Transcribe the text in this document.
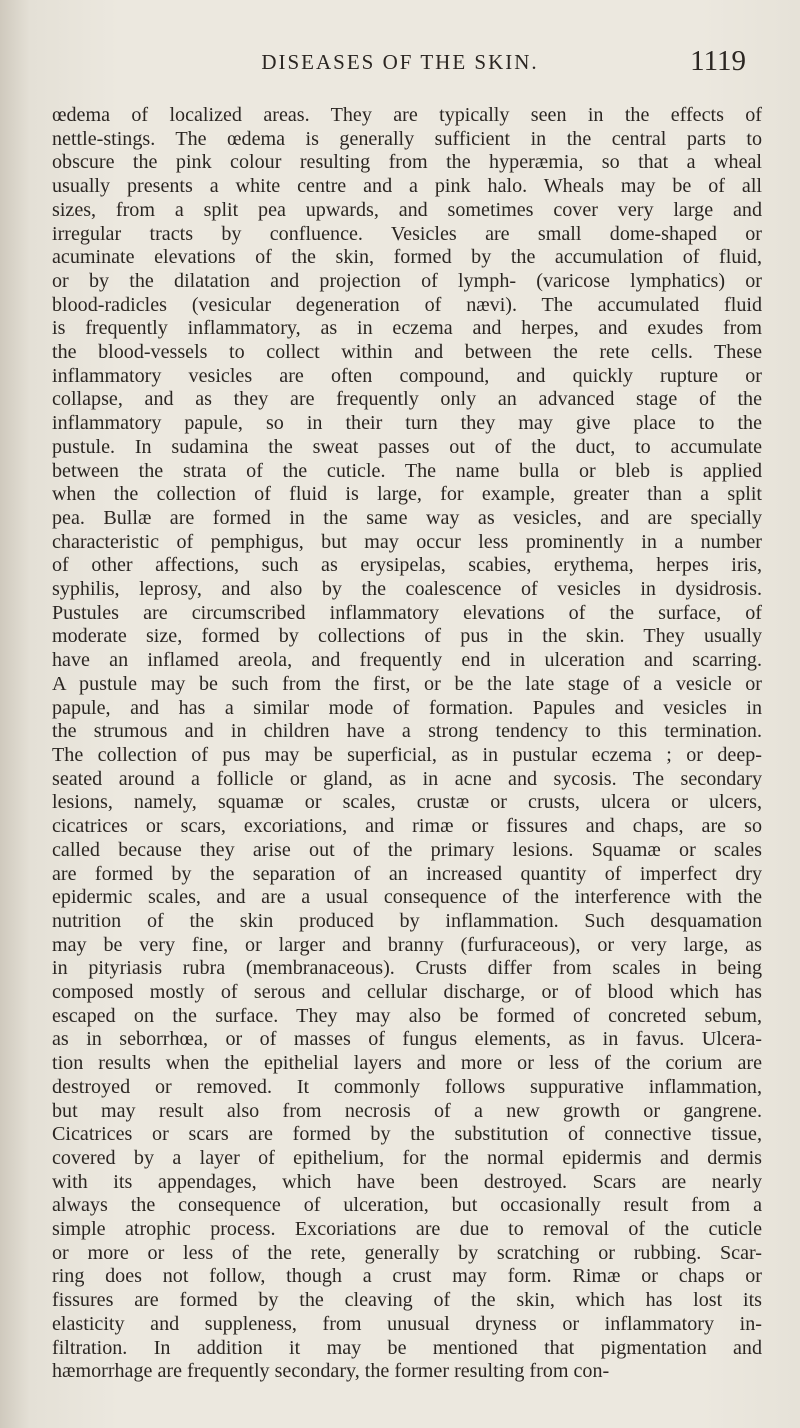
DISEASES OF THE SKIN.	1119
œdema of localized areas. They are typically seen in the effects of
nettle-stings. The œdema is generally sufficient in the central parts to
obscure the pink colour resulting from the hyperæmia, so that a wheal
usually presents a white centre and a pink halo. Wheals may be of all
sizes, from a split pea upwards, and sometimes cover very large and
irregular tracts by confluence. Vesicles are small dome-shaped or
acuminate elevations of the skin, formed by the accumulation of fluid,
or by the dilatation and projection of lymph- (varicose lymphatics) or
blood-radicles (vesicular degeneration of nævi). The accumulated fluid
is frequently inflammatory, as in eczema and herpes, and exudes from
the blood-vessels to collect within and between the rete cells. These
inflammatory vesicles are often compound, and quickly rupture or
collapse, and as they are frequently only an advanced stage of the
inflammatory papule, so in their turn they may give place to the
pustule. In sudamina the sweat passes out of the duct, to accumulate
between the strata of the cuticle. The name bulla or bleb is applied
when the collection of fluid is large, for example, greater than a split
pea. Bullæ are formed in the same way as vesicles, and are specially
characteristic of pemphigus, but may occur less prominently in a number
of other affections, such as erysipelas, scabies, erythema, herpes iris,
syphilis, leprosy, and also by the coalescence of vesicles in dysidrosis.
Pustules are circumscribed inflammatory elevations of the surface, of
moderate size, formed by collections of pus in the skin. They usually
have an inflamed areola, and frequently end in ulceration and scarring.
A pustule may be such from the first, or be the late stage of a vesicle or
papule, and has a similar mode of formation. Papules and vesicles in
the strumous and in children have a strong tendency to this termination.
The collection of pus may be superficial, as in pustular eczema ; or deep-
seated around a follicle or gland, as in acne and sycosis. The secondary
lesions, namely, squamæ or scales, crustæ or crusts, ulcera or ulcers,
cicatrices or scars, excoriations, and rimæ or fissures and chaps, are so
called because they arise out of the primary lesions. Squamæ or scales
are formed by the separation of an increased quantity of imperfect dry
epidermic scales, and are a usual consequence of the interference with the
nutrition of the skin produced by inflammation. Such desquamation
may be very fine, or larger and branny (furfuraceous), or very large, as
in pityriasis rubra (membranaceous). Crusts differ from scales in being
composed mostly of serous and cellular discharge, or of blood which has
escaped on the surface. They may also be formed of concreted sebum,
as in seborrhœa, or of masses of fungus elements, as in favus. Ulcera-
tion results when the epithelial layers and more or less of the corium are
destroyed or removed. It commonly follows suppurative inflammation,
but may result also from necrosis of a new growth or gangrene.
Cicatrices or scars are formed by the substitution of connective tissue,
covered by a layer of epithelium, for the normal epidermis and dermis
with its appendages, which have been destroyed. Scars are nearly
always the consequence of ulceration, but occasionally result from a
simple atrophic process. Excoriations are due to removal of the cuticle
or more or less of the rete, generally by scratching or rubbing. Scar-
ring does not follow, though a crust may form. Rimæ or chaps or
fissures are formed by the cleaving of the skin, which has lost its
elasticity and suppleness, from unusual dryness or inflammatory in-
filtration. In addition it may be mentioned that pigmentation and
hæmorrhage are frequently secondary, the former resulting from con-
